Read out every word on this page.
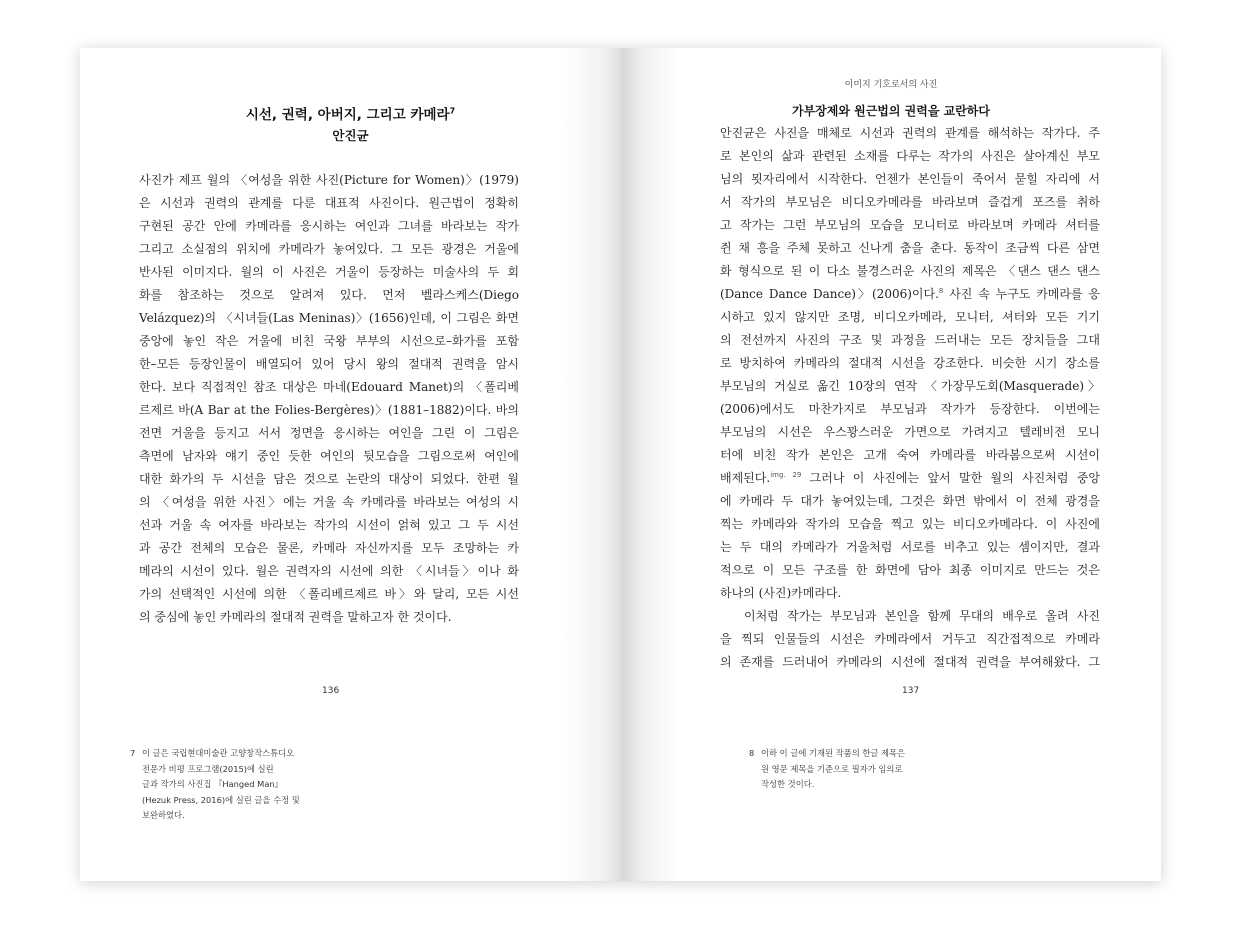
시선, 권력, 아버지, 그리고 카메라$^7$
안진균
사진가 제프 월의 〈여성을 위한 사진(Picture for Women)〉(1979)
은 시선과 권력의 관계를 다룬 대표적 사진이다. 원근법이 정확히
구현된 공간 안에 카메라를 응시하는 여인과 그녀를 바라보는 작가
그리고 소실점의 위치에 카메라가 놓여있다. 그 모든 광경은 거울에
반사된 이미지다. 월의 이 사진은 거울이 등장하는 미술사의 두 회
화를 참조하는 것으로 알려져 있다. 먼저 벨라스케스(Diego
Velázquez)의 〈시녀들(Las Meninas)〉(1656)인데, 이 그림은 화면
중앙에 놓인 작은 거울에 비친 국왕 부부의 시선으로–화가를 포함
한–모든 등장인물이 배열되어 있어 당시 왕의 절대적 권력을 암시
한다. 보다 직접적인 참조 대상은 마네(Edouard Manet)의 〈폴리베
르제르 바(A Bar at the Folies-Bergères)〉(1881–1882)이다. 바의
전면 거울을 등지고 서서 정면을 응시하는 여인을 그린 이 그림은
측면에 남자와 얘기 중인 듯한 여인의 뒷모습을 그림으로써 여인에
대한 화가의 두 시선을 담은 것으로 논란의 대상이 되었다. 한편 월
의 〈여성을 위한 사진〉에는 거울 속 카메라를 바라보는 여성의 시
선과 거울 속 여자를 바라보는 작가의 시선이 얽혀 있고 그 두 시선
과 공간 전체의 모습은 물론, 카메라 자신까지를 모두 조망하는 카
메라의 시선이 있다. 월은 권력자의 시선에 의한 〈시녀들〉이나 화
가의 선택적인 시선에 의한 〈폴리베르제르 바〉와 달리, 모든 시선
의 중심에 놓인 카메라의 절대적 권력을 말하고자 한 것이다.
136
7 이 글은 국립현대미술관 고양창작스튜디오
전문가 비평 프로그램(2015)에 실린
글과 작가의 사진집 『Hanged Man』
(Hezuk Press, 2016)에 실린 글을 수정 및
보완하였다.
이미지 기호로서의 사진
가부장제와 원근법의 권력을 교란하다
안진균은 사진을 매체로 시선과 권력의 관계를 해석하는 작가다. 주
로 본인의 삶과 관련된 소재를 다루는 작가의 사진은 살아계신 부모
님의 묏자리에서 시작한다. 언젠가 본인들이 죽어서 묻힐 자리에 서
서 작가의 부모님은 비디오카메라를 바라보며 즐겁게 포즈를 취하
고 작가는 그런 부모님의 모습을 모니터로 바라보며 카메라 셔터를
쥔 채 흥을 주체 못하고 신나게 춤을 춘다. 동작이 조금씩 다른 삼면
화 형식으로 된 이 다소 불경스러운 사진의 제목은 〈댄스 댄스 댄스
(Dance Dance Dance)〉(2006)이다.$^8$ 사진 속 누구도 카메라를 응
시하고 있지 않지만 조명, 비디오카메라, 모니터, 셔터와 모든 기기
의 전선까지 사진의 구조 및 과정을 드러내는 모든 장치들을 그대
로 방치하여 카메라의 절대적 시선을 강조한다. 비슷한 시기 장소를
부모님의 거실로 옮긴 10장의 연작 〈가장무도회(Masquerade)〉
(2006)에서도 마찬가지로 부모님과 작가가 등장한다. 이번에는
부모님의 시선은 우스꽝스러운 가면으로 가려지고 텔레비전 모니
터에 비친 작가 본인은 고개 숙여 카메라를 바라봄으로써 시선이
배제된다.$^{img. 29}$ 그러나 이 사진에는 앞서 말한 월의 사진처럼 중앙
에 카메라 두 대가 놓여있는데, 그것은 화면 밖에서 이 전체 광경을
찍는 카메라와 작가의 모습을 찍고 있는 비디오카메라다. 이 사진에
는 두 대의 카메라가 거울처럼 서로를 비추고 있는 셈이지만, 결과
적으로 이 모든 구조를 한 화면에 담아 최종 이미지로 만드는 것은
하나의 (사진)카메라다.
이처럼 작가는 부모님과 본인을 함께 무대의 배우로 올려 사진
을 찍되 인물들의 시선은 카메라에서 거두고 직간접적으로 카메라
의 존재를 드러내어 카메라의 시선에 절대적 권력을 부여해왔다. 그
137
8 이하 이 글에 기재된 작품의 한글 제목은
원 영문 제목을 기준으로 필자가 임의로
작성한 것이다.
